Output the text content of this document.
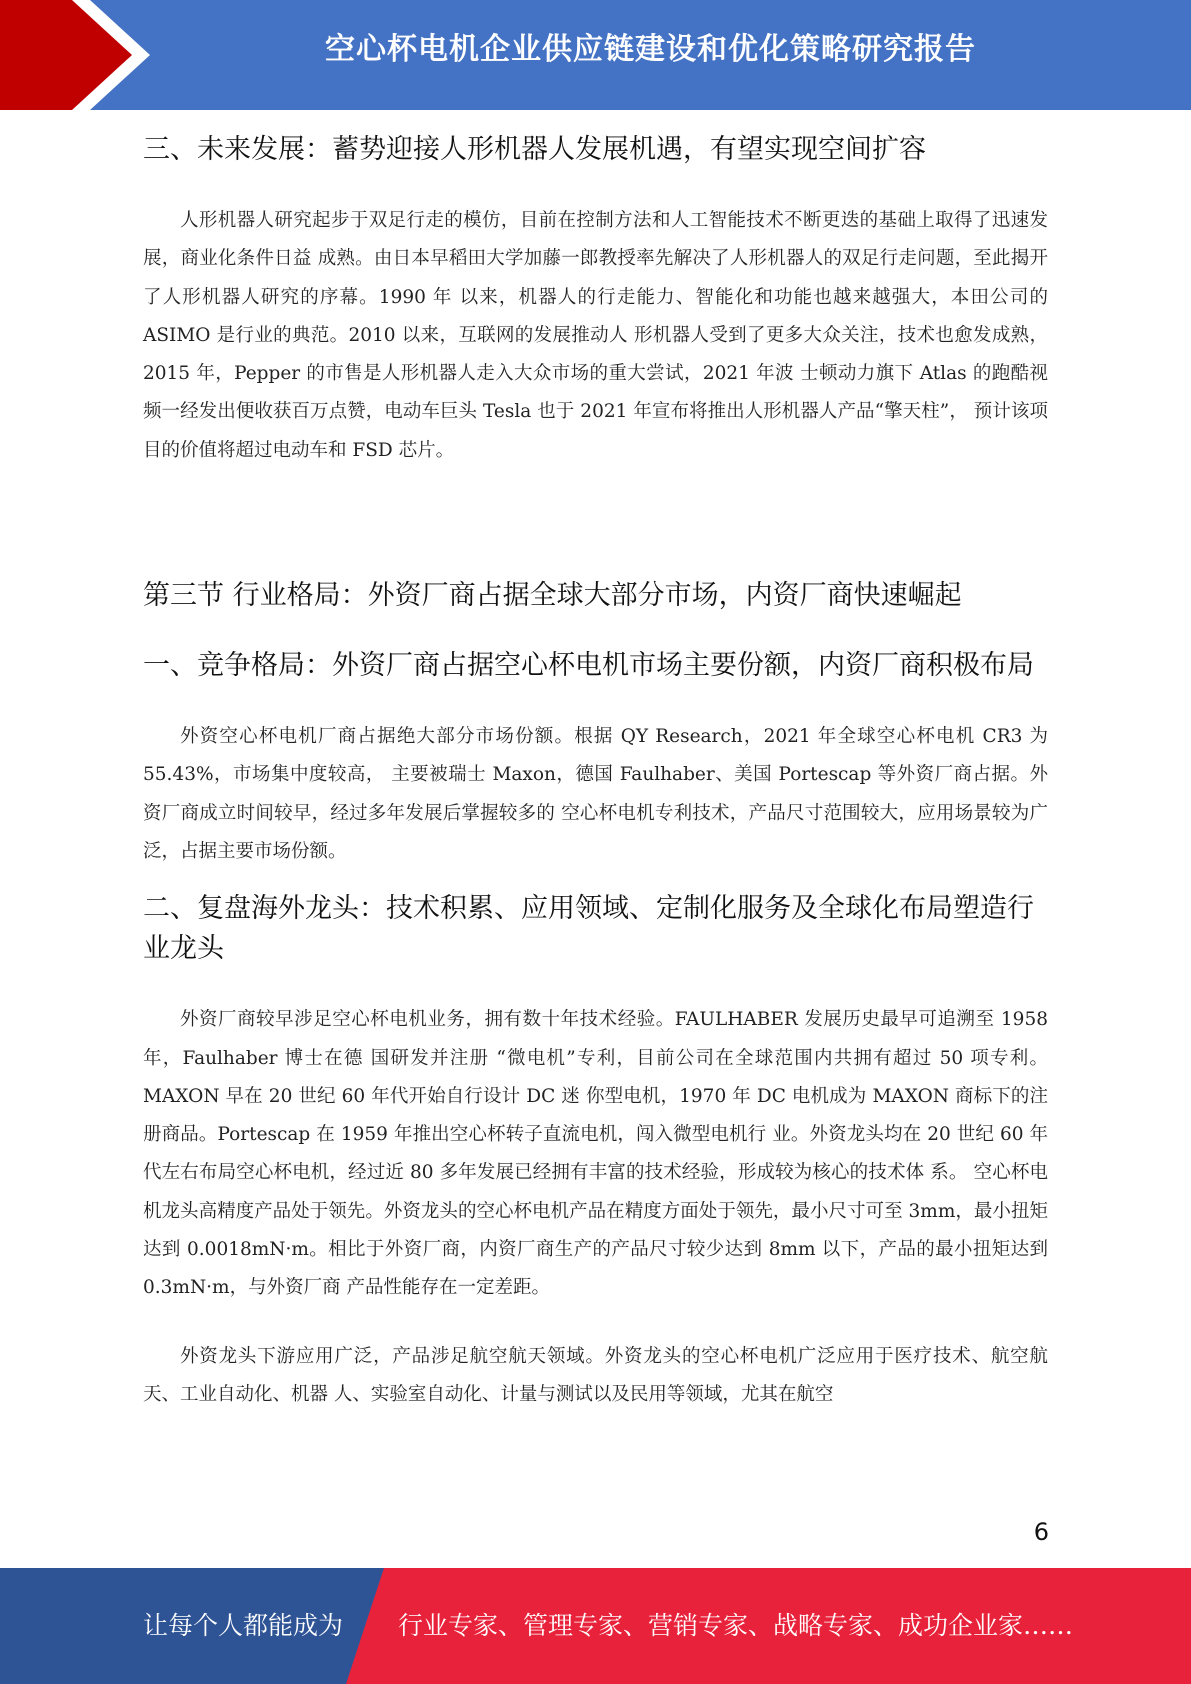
空心杯电机企业供应链建设和优化策略研究报告
三、未来发展：蓄势迎接人形机器人发展机遇，有望实现空间扩容

人形机器人研究起步于双足行走的模仿，目前在控制方法和人工智能技术不断更迭的基础上取得了迅速发展，商业化条件日益 成熟。由日本早稻田大学加藤一郎教授率先解决了人形机器人的双足行走问题，至此揭开了人形机器人研究的序幕。1990 年 以来，机器人的行走能力、智能化和功能也越来越强大，本田公司的 ASIMO 是行业的典范。2010 以来，互联网的发展推动人 形机器人受到了更多大众关注，技术也愈发成熟，2015 年，Pepper 的市售是人形机器人走入大众市场的重大尝试，2021 年波 士顿动力旗下 Atlas 的跑酷视频一经发出便收获百万点赞，电动车巨头 Tesla 也于 2021 年宣布将推出人形机器人产品“擎天柱”， 预计该项目的价值将超过电动车和 FSD 芯片。

第三节 行业格局：外资厂商占据全球大部分市场，内资厂商快速崛起
一、竞争格局：外资厂商占据空心杯电机市场主要份额，内资厂商积极布局

外资空心杯电机厂商占据绝大部分市场份额。根据 QY Research，2021 年全球空心杯电机 CR3 为 55.43%，市场集中度较高， 主要被瑞士 Maxon，德国 Faulhaber、美国 Portescap 等外资厂商占据。外资厂商成立时间较早，经过多年发展后掌握较多的 空心杯电机专利技术，产品尺寸范围较大，应用场景较为广泛，占据主要市场份额。

二、复盘海外龙头：技术积累、应用领域、定制化服务及全球化布局塑造行业龙头

外资厂商较早涉足空心杯电机业务，拥有数十年技术经验。FAULHABER 发展历史最早可追溯至 1958 年，Faulhaber 博士在德 国研发并注册 “微电机”专利，目前公司在全球范围内共拥有超过 50 项专利。MAXON 早在 20 世纪 60 年代开始自行设计 DC 迷 你型电机，1970 年 DC 电机成为 MAXON 商标下的注册商品。Portescap 在 1959 年推出空心杯转子直流电机，闯入微型电机行 业。外资龙头均在 20 世纪 60 年代左右布局空心杯电机，经过近 80 多年发展已经拥有丰富的技术经验，形成较为核心的技术体 系。 空心杯电机龙头高精度产品处于领先。外资龙头的空心杯电机产品在精度方面处于领先，最小尺寸可至 3mm，最小扭矩达到 0.0018mN·m。相比于外资厂商，内资厂商生产的产品尺寸较少达到 8mm 以下，产品的最小扭矩达到 0.3mN·m，与外资厂商 产品性能存在一定差距。

外资龙头下游应用广泛，产品涉足航空航天领域。外资龙头的空心杯电机广泛应用于医疗技术、航空航天、工业自动化、机器 人、实验室自动化、计量与测试以及民用等领域，尤其在航空

6
让每个人都能成为 行业专家、管理专家、营销专家、战略专家、成功企业家……
